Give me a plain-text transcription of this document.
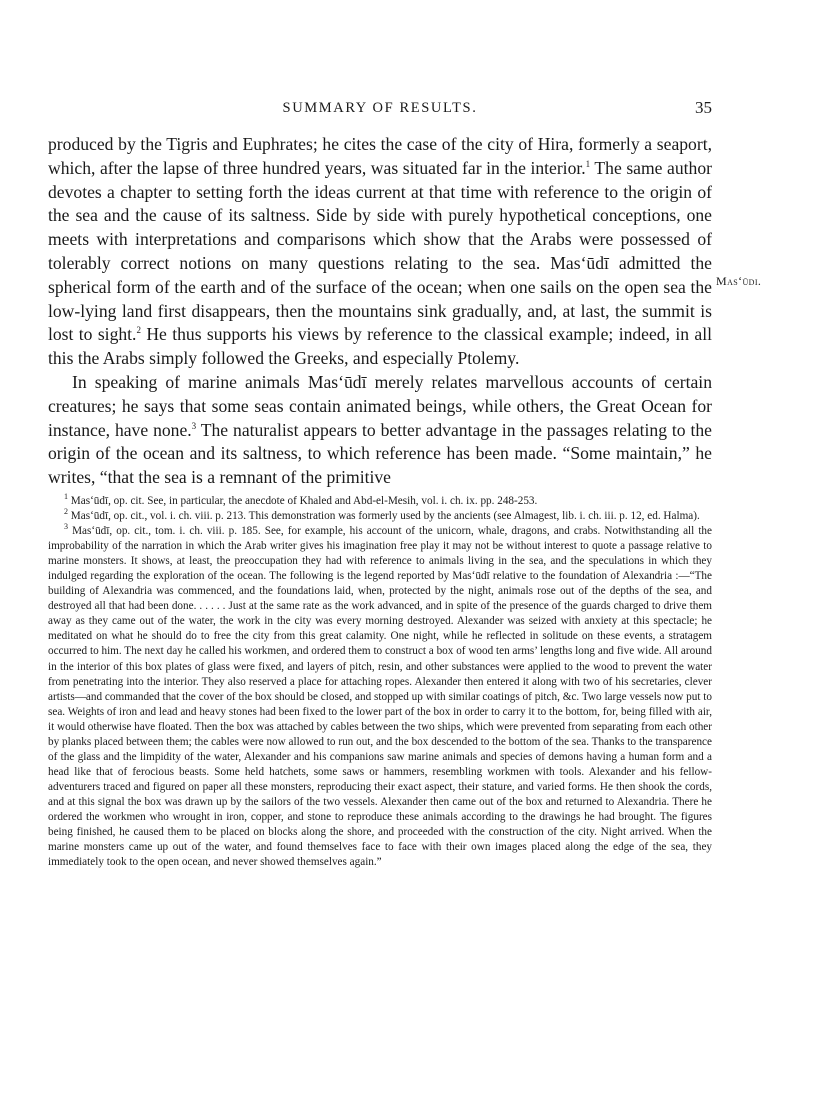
SUMMARY OF RESULTS.	35
Mas‘ūdi.

produced by the Tigris and Euphrates; he cites the case of the city of Hira, formerly a seaport, which, after the lapse of three hundred years, was situated far in the interior.$^1$ The same author devotes a chapter to setting forth the ideas current at that time with reference to the origin of the sea and the cause of its saltness. Side by side with purely hypothetical conceptions, one meets with interpretations and comparisons which show that the Arabs were possessed of tolerably correct notions on many questions relating to the sea. Mas‘ūdī admitted the spherical form of the earth and of the surface of the ocean; when one sails on the open sea the low-lying land first disappears, then the mountains sink gradually, and, at last, the summit is lost to sight.$^2$ He thus supports his views by reference to the classical example; indeed, in all this the Arabs simply followed the Greeks, and especially Ptolemy.

In speaking of marine animals Mas‘ūdī merely relates marvellous accounts of certain creatures; he says that some seas contain animated beings, while others, the Great Ocean for instance, have none.$^3$ The naturalist appears to better advantage in the passages relating to the origin of the ocean and its saltness, to which reference has been made. “Some maintain,” he writes, “that the sea is a remnant of the primitive

$^1$ Mas‘ūdī, op. cit. See, in particular, the anecdote of Khaled and Abd-el-Mesih, vol. i. ch. ix. pp. 248-253.

$^2$ Mas‘ūdī, op. cit., vol. i. ch. viii. p. 213. This demonstration was formerly used by the ancients (see Almagest, lib. i. ch. iii. p. 12, ed. Halma).

$^3$ Mas‘ūdī, op. cit., tom. i. ch. viii. p. 185. See, for example, his account of the unicorn, whale, dragons, and crabs. Notwithstanding all the improbability of the narration in which the Arab writer gives his imagination free play it may not be without interest to quote a passage relative to marine monsters. It shows, at least, the preoccupation they had with reference to animals living in the sea, and the speculations in which they indulged regarding the exploration of the ocean. The following is the legend reported by Mas‘ūdī relative to the foundation of Alexandria :—“The building of Alexandria was commenced, and the foundations laid, when, protected by the night, animals rose out of the depths of the sea, and destroyed all that had been done. . . . . . Just at the same rate as the work advanced, and in spite of the presence of the guards charged to drive them away as they came out of the water, the work in the city was every morning destroyed. Alexander was seized with anxiety at this spectacle; he meditated on what he should do to free the city from this great calamity. One night, while he reflected in solitude on these events, a stratagem occurred to him. The next day he called his workmen, and ordered them to construct a box of wood ten arms’ lengths long and five wide. All around in the interior of this box plates of glass were fixed, and layers of pitch, resin, and other substances were applied to the wood to prevent the water from penetrating into the interior. They also reserved a place for attaching ropes. Alexander then entered it along with two of his secretaries, clever artists—and commanded that the cover of the box should be closed, and stopped up with similar coatings of pitch, &c. Two large vessels now put to sea. Weights of iron and lead and heavy stones had been fixed to the lower part of the box in order to carry it to the bottom, for, being filled with air, it would otherwise have floated. Then the box was attached by cables between the two ships, which were prevented from separating from each other by planks placed between them; the cables were now allowed to run out, and the box descended to the bottom of the sea. Thanks to the transparence of the glass and the limpidity of the water, Alexander and his companions saw marine animals and species of demons having a human form and a head like that of ferocious beasts. Some held hatchets, some saws or hammers, resembling workmen with tools. Alexander and his fellow-adventurers traced and figured on paper all these monsters, reproducing their exact aspect, their stature, and varied forms. He then shook the cords, and at this signal the box was drawn up by the sailors of the two vessels. Alexander then came out of the box and returned to Alexandria. There he ordered the workmen who wrought in iron, copper, and stone to reproduce these animals according to the drawings he had brought. The figures being finished, he caused them to be placed on blocks along the shore, and proceeded with the construction of the city. Night arrived. When the marine monsters came up out of the water, and found themselves face to face with their own images placed along the edge of the sea, they immediately took to the open ocean, and never showed themselves again.”
